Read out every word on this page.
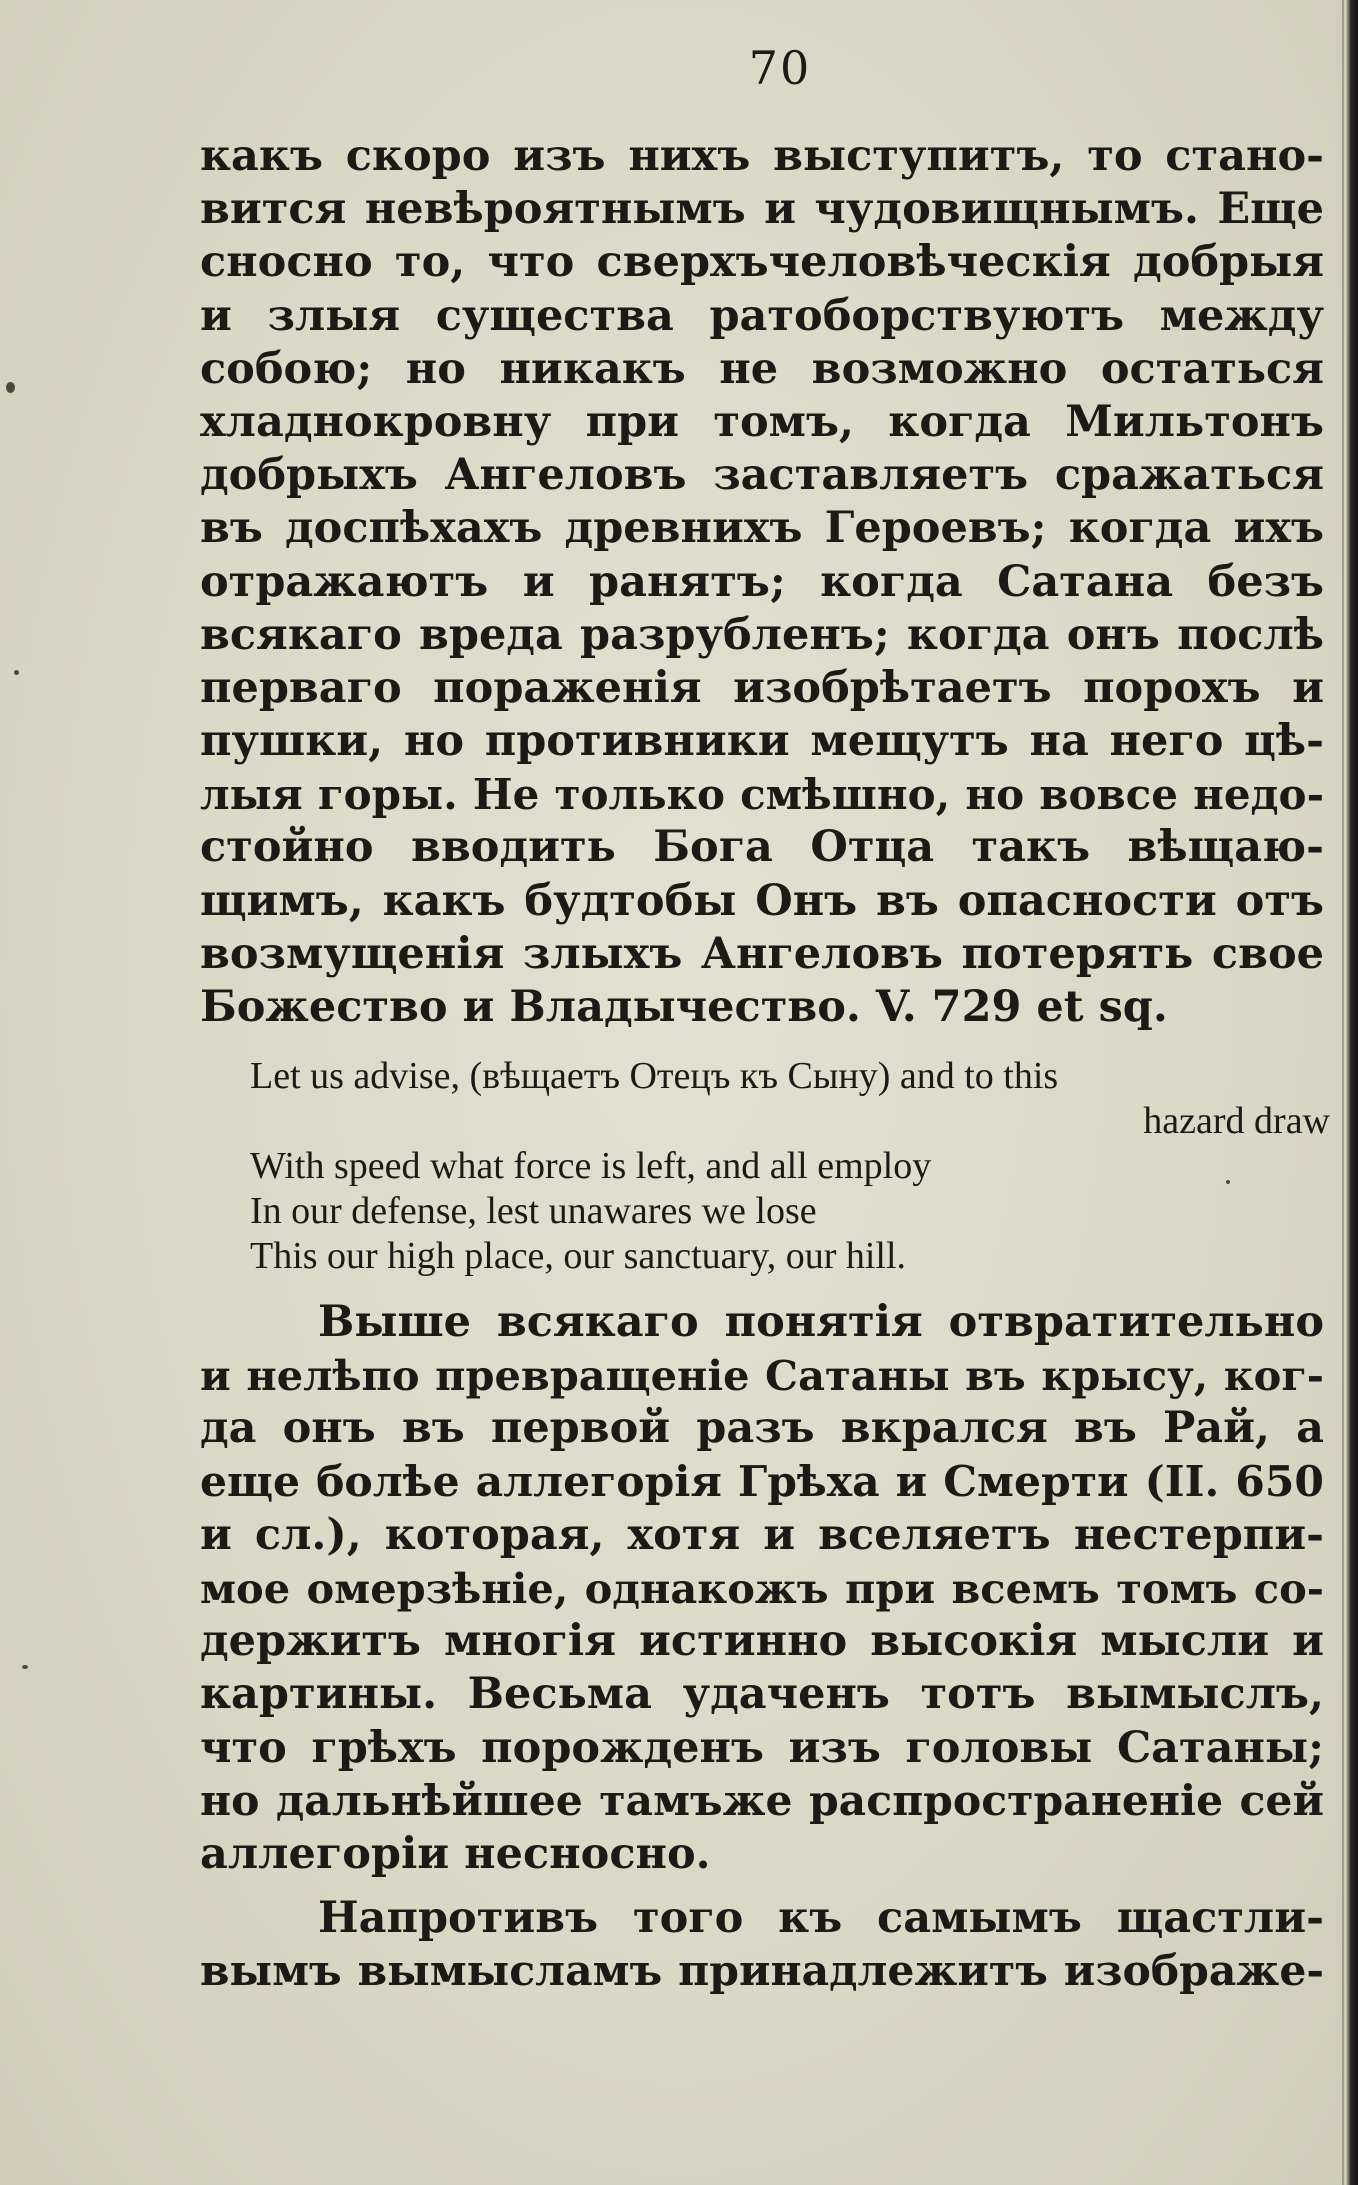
70
какъ скоро изъ нихъ выступитъ, то стано-
вится невѣроятнымъ и чудовищнымъ. Еще
сносно то, что сверхъчеловѣческія добрыя
и злыя существа ратоборствуютъ между
собою; но никакъ не возможно остаться
хладнокровну при томъ, когда Мильтонъ
добрыхъ Ангеловъ заставляетъ сражаться
въ доспѣхахъ древнихъ Героевъ; когда ихъ
отражаютъ и ранятъ; когда Сатана безъ
всякаго вреда разрубленъ; когда онъ послѣ
перваго пораженія изобрѣтаетъ порохъ и
пушки, но противники мещутъ на него цѣ-
лыя горы. Не только смѣшно, но вовсе недо-
стойно вводить Бога Отца такъ вѣщаю-
щимъ, какъ будтобы Онъ въ опасности отъ
возмущенія злыхъ Ангеловъ потерять свое
Божество и Владычество. V. 729 et sq.
Let us advise, (вѣщаетъ Отецъ къ Сыну) and to this
hazard draw
With speed what force is left, and all employ
In our defense, lest unawares we lose
This our high place, our sanctuary, our hill.
Выше всякаго понятія отвратительно
и нелѣпо превращеніе Сатаны въ крысу, ког-
да онъ въ первой разъ вкрался въ Рай, а
еще болѣе аллегорія Грѣха и Смерти (II. 650
и сл.), которая, хотя и вселяетъ нестерпи-
мое омерзѣніе, однакожъ при всемъ томъ со-
держитъ многія истинно высокія мысли и
картины. Весьма удаченъ тотъ вымыслъ,
что грѣхъ порожденъ изъ головы Сатаны;
но дальнѣйшее тамъже распространеніе сей
аллегоріи несносно.
Напротивъ того къ самымъ щастли-
вымъ вымысламъ принадлежитъ изображе-
